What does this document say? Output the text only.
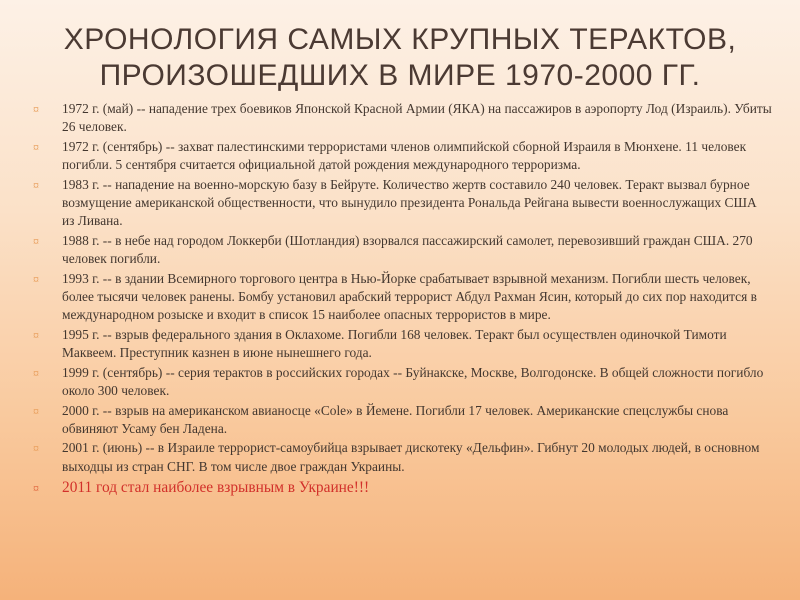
ХРОНОЛОГИЯ САМЫХ КРУПНЫХ ТЕРАКТОВ,
ПРОИЗОШЕДШИХ В МИРЕ 1970-2000 ГГ.
¤ 1972 г. (май) -- нападение трех боевиков Японской Красной Армии (ЯКА) на пассажиров в аэропорту Лод (Израиль). Убиты 26 человек.
¤ 1972 г. (сентябрь) -- захват палестинскими террористами членов олимпийской сборной Израиля в Мюнхене. 11 человек погибли. 5 сентября считается официальной датой рождения международного терроризма.
¤ 1983 г. -- нападение на военно-морскую базу в Бейруте. Количество жертв составило 240 человек. Теракт вызвал бурное возмущение американской общественности, что вынудило президента Рональда Рейгана вывести военнослужащих США из Ливана.
¤ 1988 г. -- в небе над городом Локкерби (Шотландия) взорвался пассажирский самолет, перевозивший граждан США. 270 человек погибли.
¤ 1993 г. -- в здании Всемирного торгового центра в Нью-Йорке срабатывает взрывной механизм. Погибли шесть человек, более тысячи человек ранены. Бомбу установил арабский террорист Абдул Рахман Ясин, который до сих пор находится в международном розыске и входит в список 15 наиболее опасных террористов в мире.
¤ 1995 г. -- взрыв федерального здания в Оклахоме. Погибли 168 человек. Теракт был осуществлен одиночкой Тимоти Маквеем. Преступник казнен в июне нынешнего года.
¤ 1999 г. (сентябрь) -- серия терактов в российских городах -- Буйнакске, Москве, Волгодонске. В общей сложности погибло около 300 человек.
¤ 2000 г. -- взрыв на американском авианосце «Cole» в Йемене. Погибли 17 человек. Американские спецслужбы снова обвиняют Усаму бен Ладена.
¤ 2001 г. (июнь) -- в Израиле террорист-самоубийца взрывает дискотеку «Дельфин». Гибнут 20 молодых людей, в основном выходцы из стран СНГ. В том числе двое граждан Украины.
¤ 2011 год стал наиболее взрывным в Украине!!!
